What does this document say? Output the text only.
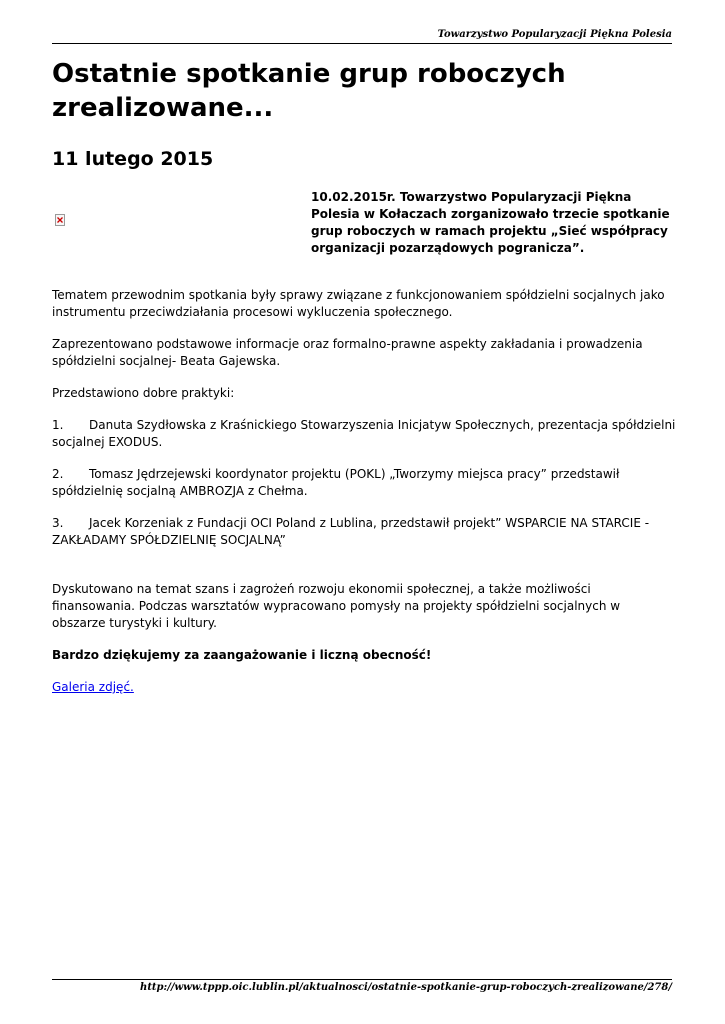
Towarzystwo Popularyzacji Piękna Polesia
Ostatnie spotkanie grup roboczych zrealizowane...
11 lutego 2015

10.02.2015r. Towarzystwo Popularyzacji Piękna Polesia w Kołaczach zorganizowało trzecie spotkanie grup roboczych w ramach projektu „Sieć współpracy organizacji pozarządowych pogranicza”.

Tematem przewodnim spotkania były sprawy związane z funkcjonowaniem spółdzielni socjalnych jako instrumentu przeciwdziałania procesowi wykluczenia społecznego.

Zaprezentowano podstawowe informacje oraz formalno-prawne aspekty zakładania i prowadzenia spółdzielni socjalnej- Beata Gajewska.

Przedstawiono dobre praktyki:

1. Danuta Szydłowska z Kraśnickiego Stowarzyszenia Inicjatyw Społecznych, prezentacja spółdzielni socjalnej EXODUS.

2. Tomasz Jędrzejewski koordynator projektu (POKL) „Tworzymy miejsca pracy” przedstawił spółdzielnię socjalną AMBROZJA z Chełma.

3. Jacek Korzeniak z Fundacji OCI Poland z Lublina, przedstawił projekt” WSPARCIE NA STARCIE - ZAKŁADAMY SPÓŁDZIELNIĘ SOCJALNĄ”

Dyskutowano na temat szans i zagrożeń rozwoju ekonomii społecznej, a także możliwości finansowania. Podczas warsztatów wypracowano pomysły na projekty spółdzielni socjalnych w obszarze turystyki i kultury.

Bardzo dziękujemy za zaangażowanie i liczną obecność!

Galeria zdjęć.

http://www.tppp.oic.lublin.pl/aktualnosci/ostatnie-spotkanie-grup-roboczych-zrealizowane/278/
